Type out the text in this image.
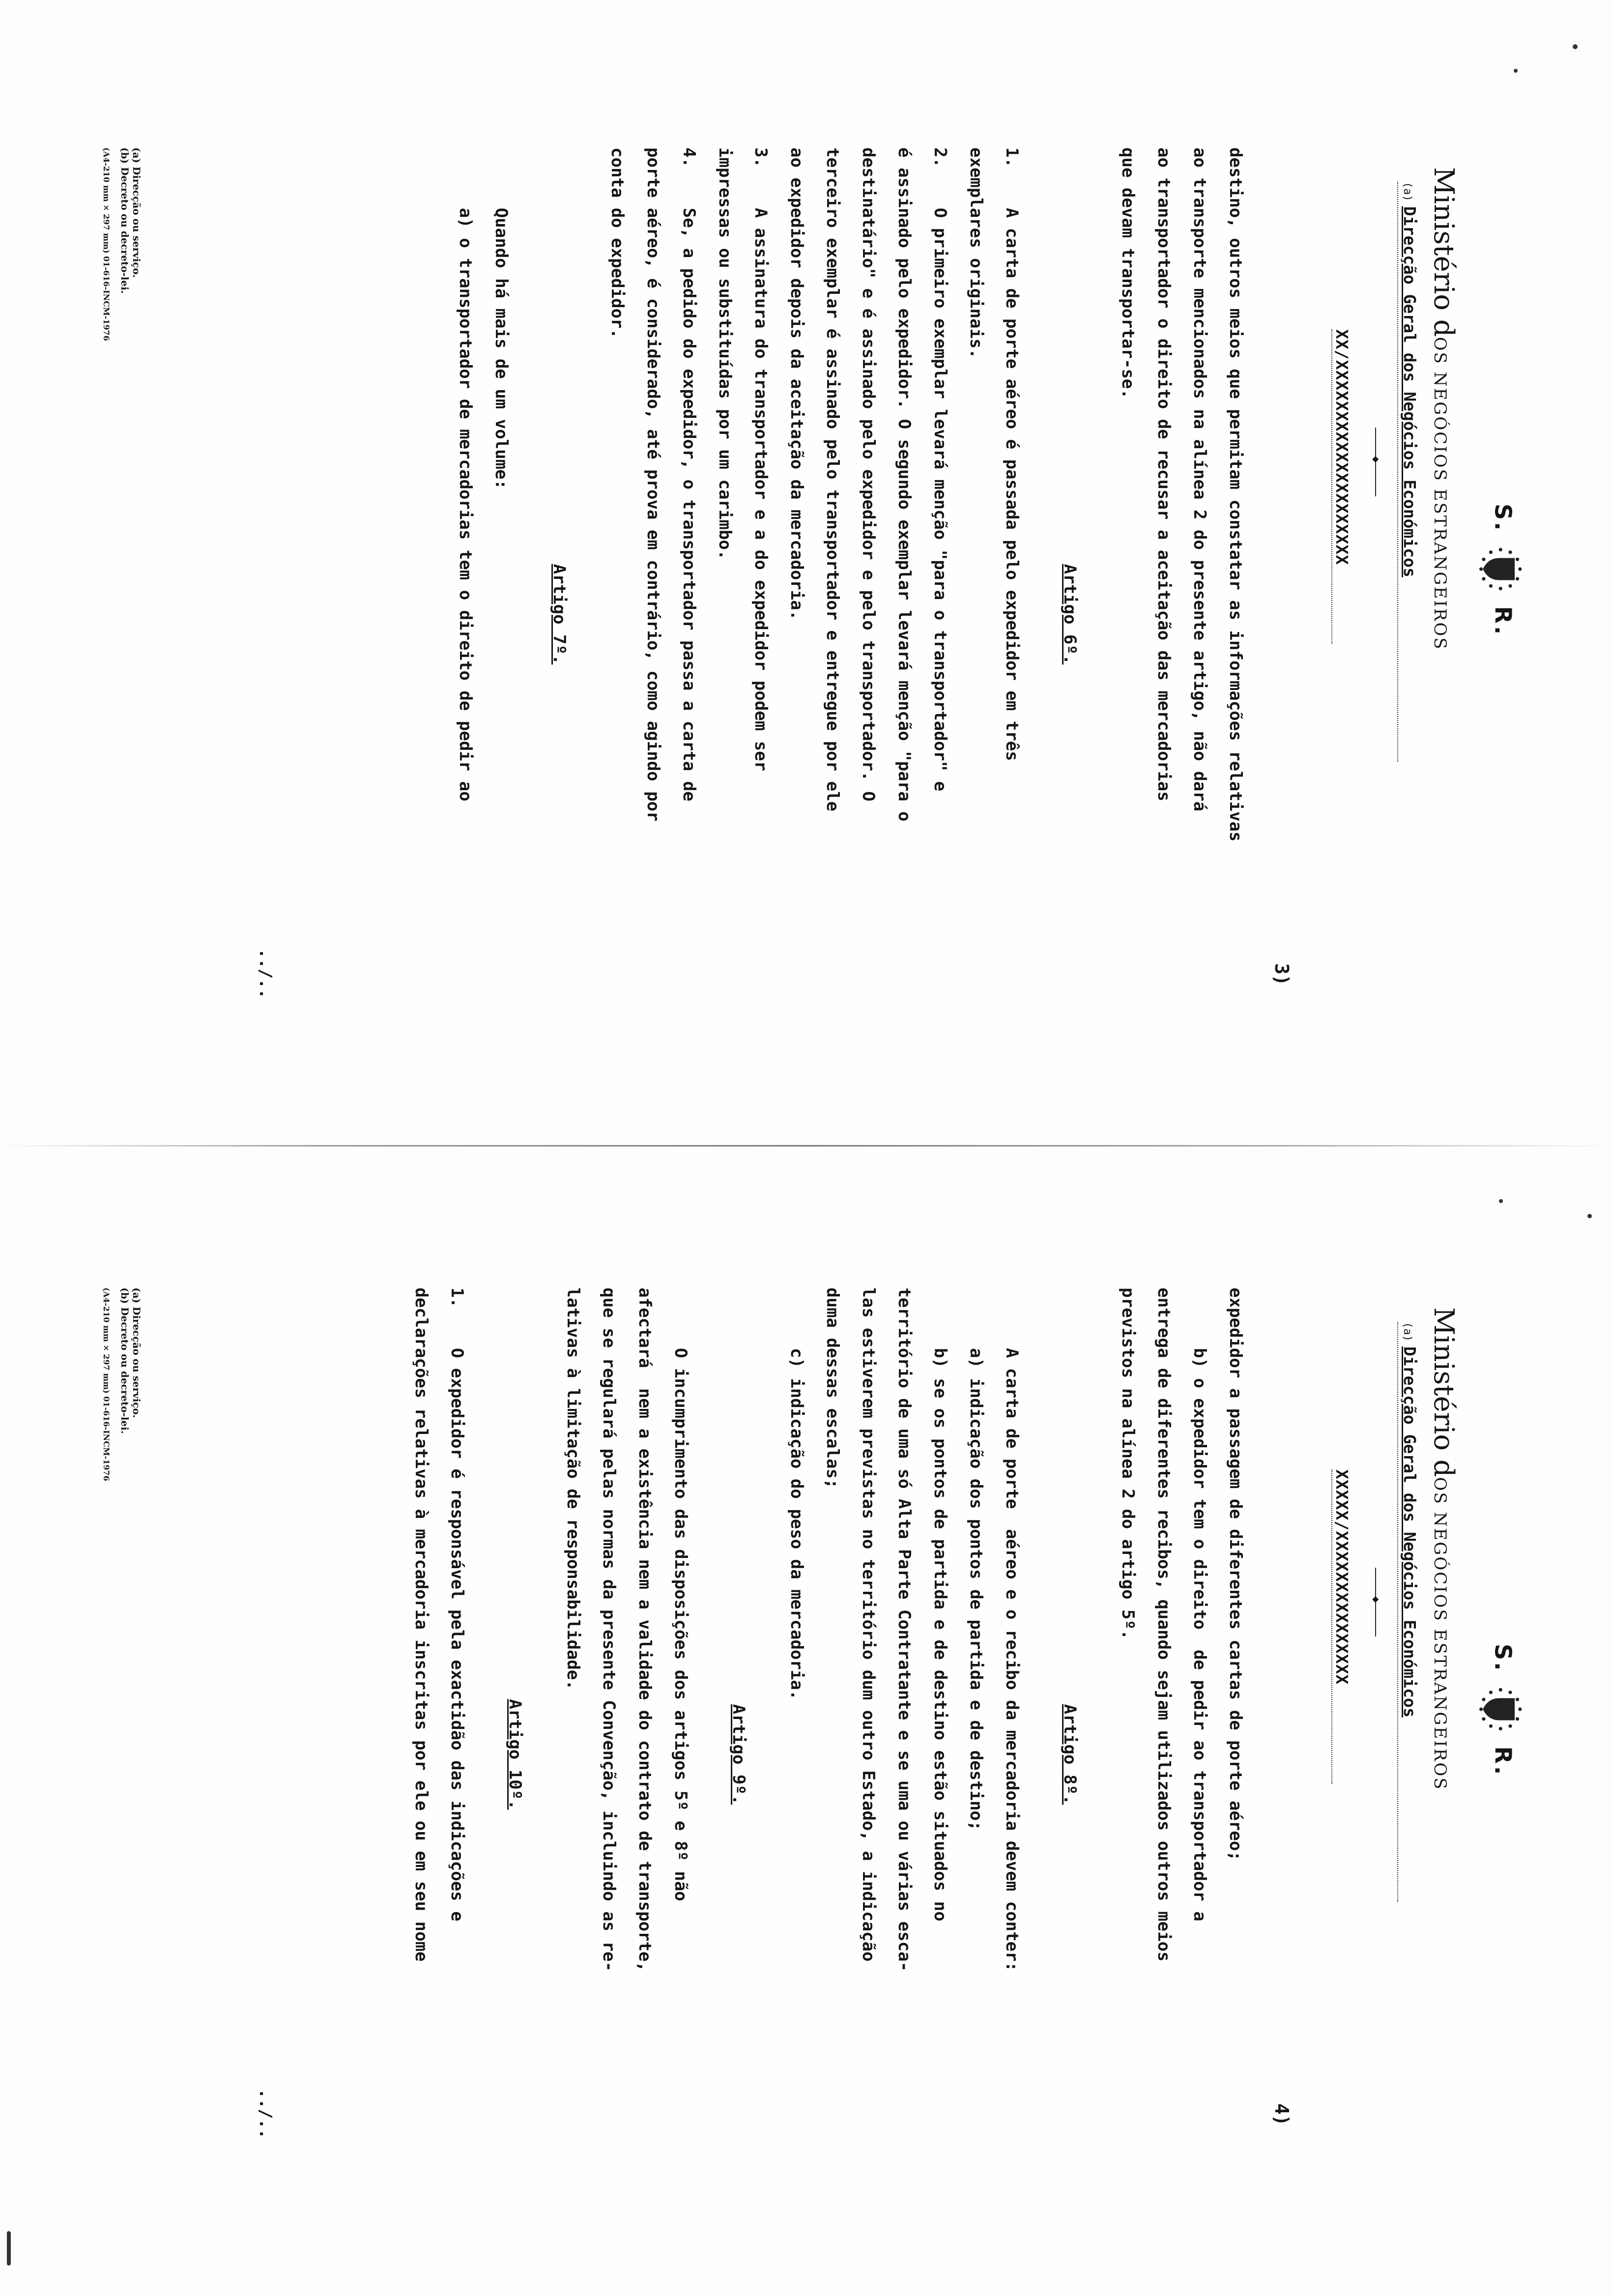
S.R.
Ministério dOS NEGÓCIOS ESTRANGEIROS
(a)Direcção Geral dos Negócios Económicos
◆
XX/XXXXXXXXXXXXXXXXXXXX
3)
destino, outros meios que permitam constatar as informações relativas
ao transporte mencionados na alínea 2 do presente artigo, não dará
ao transportador o direito de recusar a aceitação das mercadorias
que devam transportar-se.
Artigo 6º.
1.    A carta de porte aéreo é passada pelo expedidor em três
exemplares originais.
2.    O primeiro exemplar levará menção "para o transportador" e
é assinado pelo expedidor. O segundo exemplar levará menção "para o
destinatário" e é assinado pelo expedidor e pelo transportador. O
terceiro exemplar é assinado pelo transportador e entregue por ele
ao expedidor depois da aceitação da mercadoria.
3.    A assinatura do transportador e a do expedidor podem ser
impressas ou substituídas por um carimbo.
4.    Se, a pedido do expedidor, o transportador passa a carta de
porte aéreo, é considerado, até prova em contrário, como agindo por
conta do expedidor.
Artigo 7º.
Quando há mais de um volume:
a) o transportador de mercadorias tem o direito de pedir ao
../..
(a) Direcção ou serviço.
(b) Decreto ou decreto-lei.
(A4-210 mm × 297 mm) 01-616-INCM-1976
S.R.
Ministério dOS NEGÓCIOS ESTRANGEIROS
(a)Direcção Geral dos Negócios Económicos
◆
XXXXX/XXXXXXXXXXXXXXX
4)
expedidor a passagem de diferentes cartas de porte aéreo;
b) o expedidor tem o direito  de pedir ao transportador a
entrega de diferentes recibos, quando sejam utilizados outros meios
previstos na alínea 2 do artigo 5º.
Artigo 8º.
A carta de porte  aéreo e o recibo da mercadoria devem conter:
a) indicação dos pontos de partida e de destino;
b) se os pontos de partida e de destino estão situados no
território de uma só Alta Parte Contratante e se uma ou várias esca-
las estiverem previstas no território dum outro Estado, a indicação
duma dessas escalas;
c) indicação do peso da mercadoria.
Artigo 9º.
O incumprimento das disposições dos artigos 5º e 8º não
afectará  nem a existência nem a validade do contrato de transporte,
que se regulará pelas normas da presente Convenção, incluindo as re-
lativas à limitação de responsabilidade.
Artigo 10º.
1.    O expedidor é responsável pela exactidão das indicações e
declarações relativas à mercadoria inscritas por ele ou em seu nome
../..
(a) Direcção ou serviço.
(b) Decreto ou decreto-lei.
(A4-210 mm × 297 mm) 01-616-INCM-1976
